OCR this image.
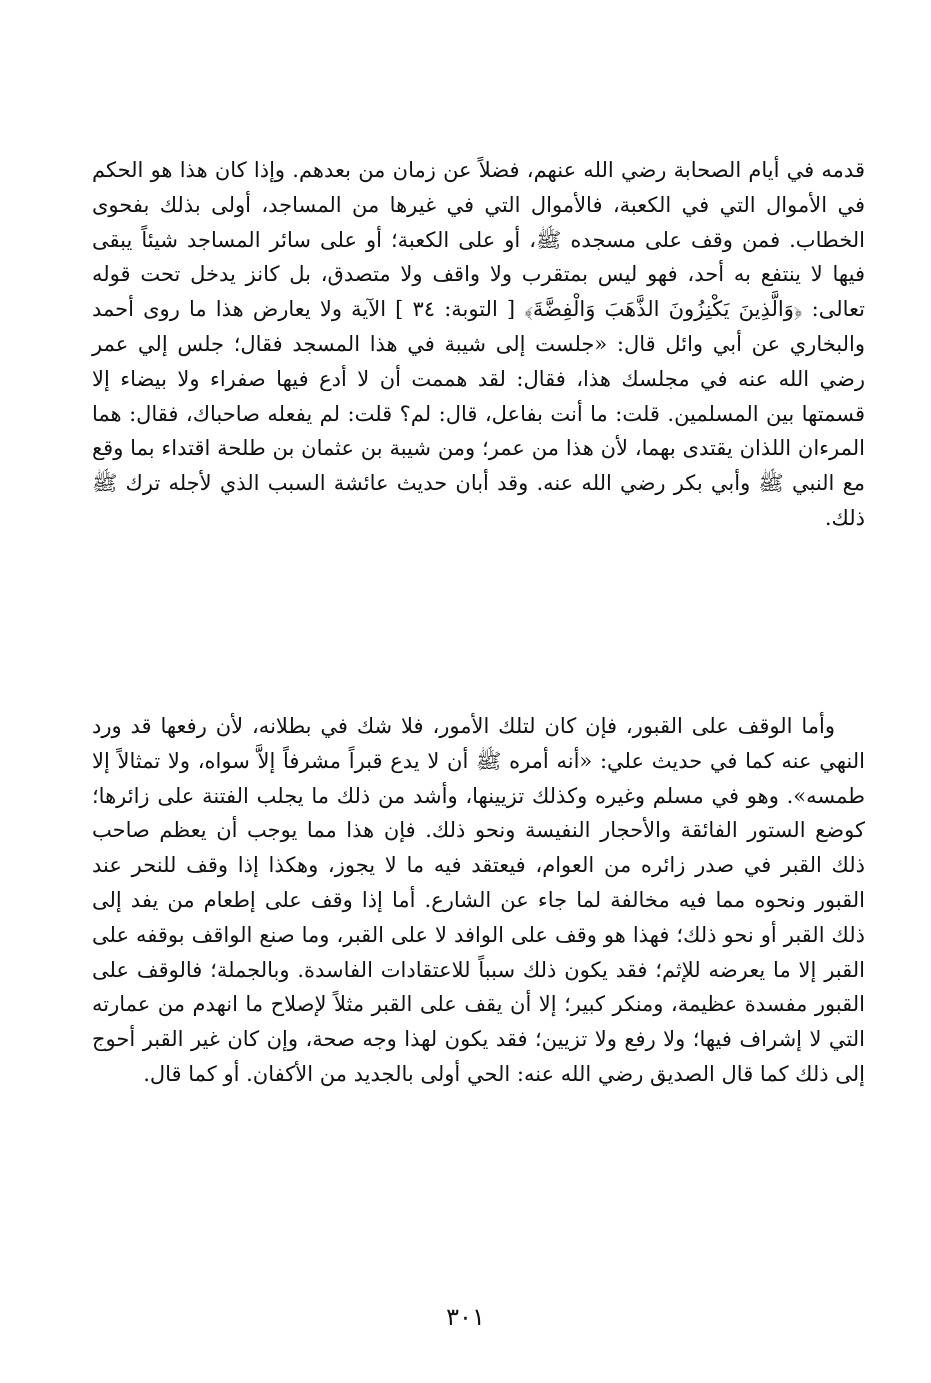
قدمه في أيام الصحابة رضي الله عنهم، فضلاً عن زمان من بعدهم. وإذا كان هذا هو الحكم في الأموال التي في الكعبة، فالأموال التي في غيرها من المساجد، أولى بذلك بفحوى الخطاب. فمن وقف على مسجده ﷺ، أو على الكعبة؛ أو على سائر المساجد شيئاً يبقى فيها لا ينتفع به أحد، فهو ليس بمتقرب ولا واقف ولا متصدق، بل كانز يدخل تحت قوله تعالى: ﴿وَالَّذِينَ يَكْنِزُونَ الذَّهَبَ وَالْفِضَّةَ﴾ [ التوبة: ٣٤ ] الآية ولا يعارض هذا ما روى أحمد والبخاري عن أبي وائل قال: «جلست إلى شيبة في هذا المسجد فقال؛ جلس إلي عمر رضي الله عنه في مجلسك هذا، فقال: لقد هممت أن لا أدع فيها صفراء ولا بيضاء إلا قسمتها بين المسلمين. قلت: ما أنت بفاعل، قال: لم؟ قلت: لم يفعله صاحباك، فقال: هما المرءان اللذان يقتدى بهما، لأن هذا من عمر؛ ومن شيبة بن عثمان بن طلحة اقتداء بما وقع مع النبي ﷺ وأبي بكر رضي الله عنه. وقد أبان حديث عائشة السبب الذي لأجله ترك ﷺ ذلك.

وأما الوقف على القبور، فإن كان لتلك الأمور، فلا شك في بطلانه، لأن رفعها قد ورد النهي عنه كما في حديث علي: «أنه أمره ﷺ أن لا يدع قبراً مشرفاً إلاَّ سواه، ولا تمثالاً إلا طمسه». وهو في مسلم وغيره وكذلك تزيينها، وأشد من ذلك ما يجلب الفتنة على زائرها؛ كوضع الستور الفائقة والأحجار النفيسة ونحو ذلك. فإن هذا مما يوجب أن يعظم صاحب ذلك القبر في صدر زائره من العوام، فيعتقد فيه ما لا يجوز، وهكذا إذا وقف للنحر عند القبور ونحوه مما فيه مخالفة لما جاء عن الشارع. أما إذا وقف على إطعام من يفد إلى ذلك القبر أو نحو ذلك؛ فهذا هو وقف على الوافد لا على القبر، وما صنع الواقف بوقفه على القبر إلا ما يعرضه للإثم؛ فقد يكون ذلك سبباً للاعتقادات الفاسدة. وبالجملة؛ فالوقف على القبور مفسدة عظيمة، ومنكر كبير؛ إلا أن يقف على القبر مثلاً لإصلاح ما انهدم من عمارته التي لا إشراف فيها؛ ولا رفع ولا تزيين؛ فقد يكون لهذا وجه صحة، وإن كان غير القبر أحوج إلى ذلك كما قال الصديق رضي الله عنه: الحي أولى بالجديد من الأكفان. أو كما قال.

٣٠١
